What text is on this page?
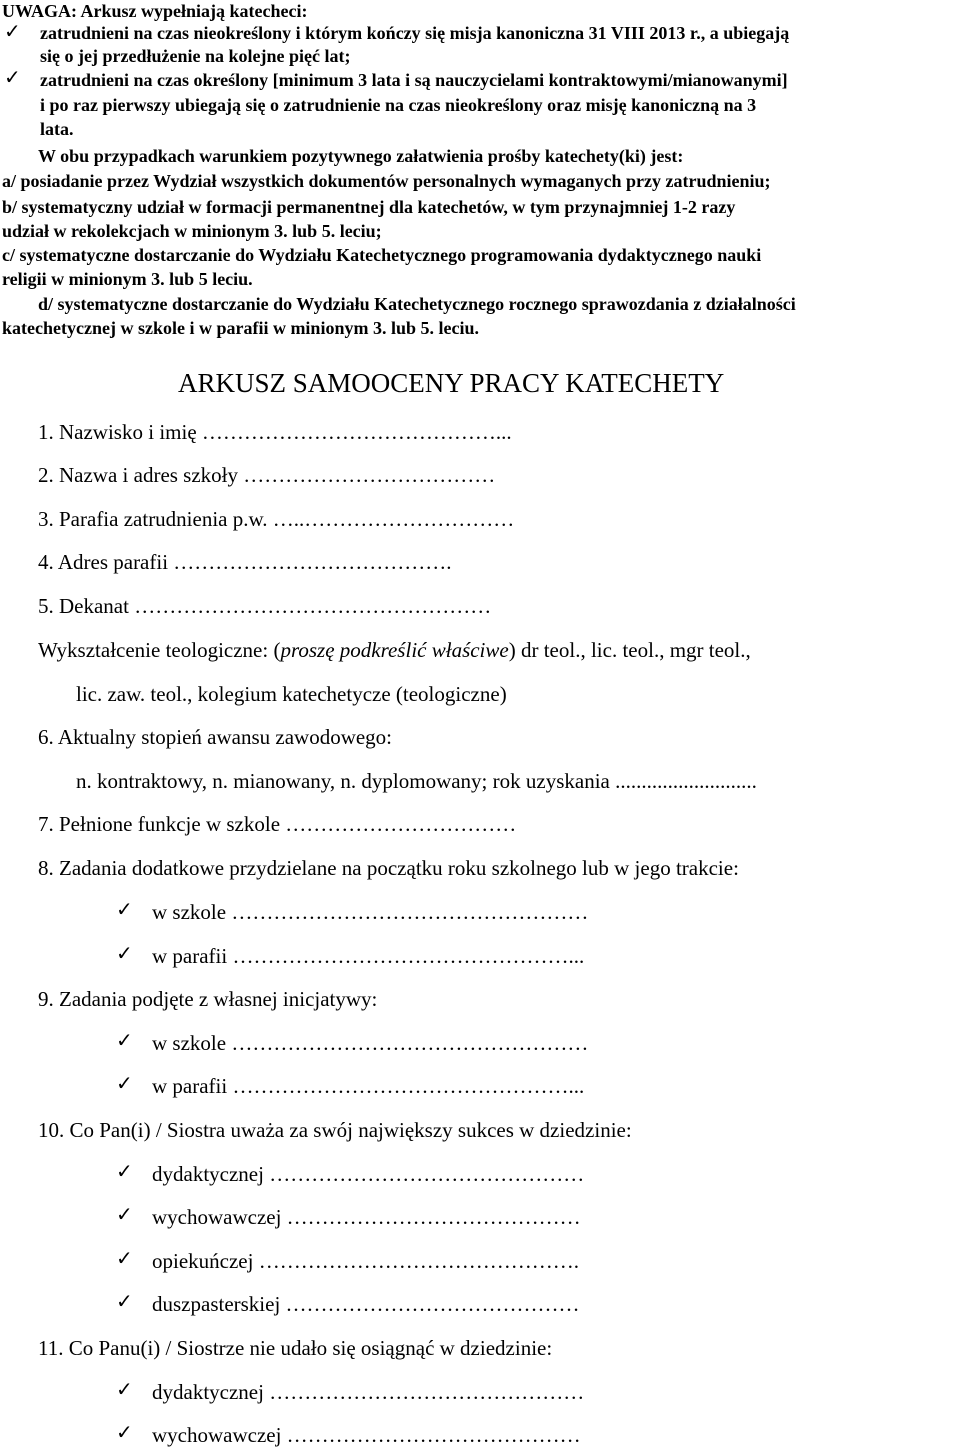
UWAGA: Arkusz wypełniają katecheci:
✓ zatrudnieni na czas nieokreślony i którym kończy się misja kanoniczna 31 VIII 2013 r., a ubiegają
się o jej przedłużenie na kolejne pięć lat;
✓ zatrudnieni na czas określony [minimum 3 lata i są nauczycielami kontraktowymi/mianowanymi]
i po raz pierwszy ubiegają się o zatrudnienie na czas nieokreślony oraz misję kanoniczną na 3
lata.
W obu przypadkach warunkiem pozytywnego załatwienia prośby katechety(ki) jest:
a/ posiadanie przez Wydział wszystkich dokumentów personalnych wymaganych przy zatrudnieniu;
b/ systematyczny udział w formacji permanentnej dla katechetów, w tym przynajmniej 1-2 razy
udział w rekolekcjach w minionym 3. lub 5. leciu;
c/ systematyczne dostarczanie do Wydziału Katechetycznego programowania dydaktycznego nauki
religii w minionym 3. lub 5 leciu.
d/ systematyczne dostarczanie do Wydziału Katechetycznego rocznego sprawozdania z działalności
katechetycznej w szkole i w parafii w minionym 3. lub 5. leciu.
ARKUSZ SAMOOCENY PRACY KATECHETY
1. Nazwisko i imię ……………………………………...
2. Nazwa i adres szkoły ………………………………
3. Parafia zatrudnienia p.w. …..…………………………
4. Adres parafii ………………………………….
5. Dekanat ……………………………………………
Wykształcenie teologiczne: (proszę podkreślić właściwe) dr teol., lic. teol., mgr teol.,
lic. zaw. teol., kolegium katechetycze (teologiczne)
6. Aktualny stopień awansu zawodowego:
n. kontraktowy, n. mianowany, n. dyplomowany; rok uzyskania ...........................
7. Pełnione funkcje w szkole ……………………………
8. Zadania dodatkowe przydzielane na początku roku szkolnego lub w jego trakcie:
✓ w szkole ……………………………………………
✓ w parafii …………………………………………...
9. Zadania podjęte z własnej inicjatywy:
✓ w szkole ……………………………………………
✓ w parafii …………………………………………...
10. Co Pan(i) / Siostra uważa za swój największy sukces w dziedzinie:
✓ dydaktycznej ………………………………………
✓ wychowawczej ……………………………………
✓ opiekuńczej ……………………………………….
✓ duszpasterskiej ……………………………………
11. Co Panu(i) / Siostrze nie udało się osiągnąć w dziedzinie:
✓ dydaktycznej ………………………………………
✓ wychowawczej ……………………………………
